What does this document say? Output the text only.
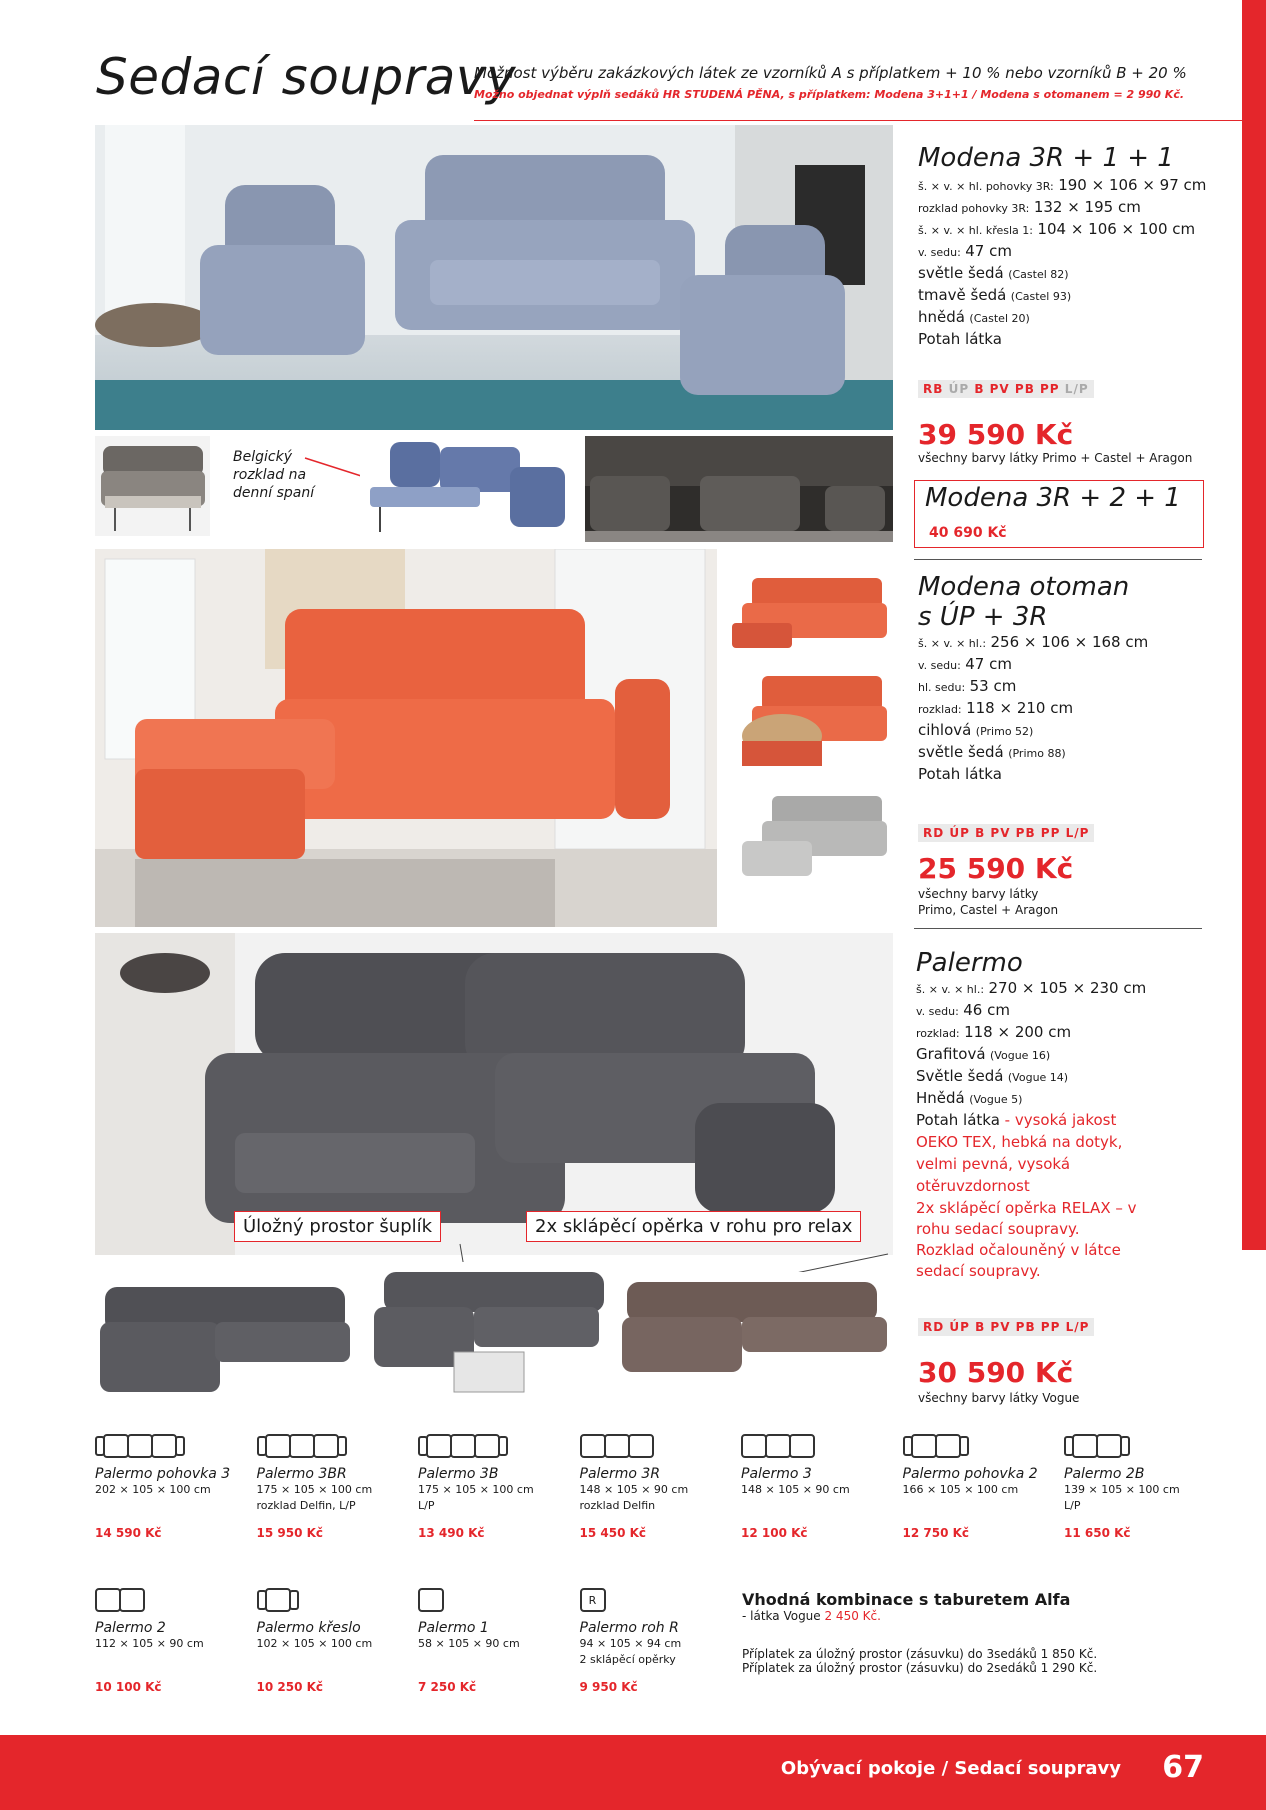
Sedací soupravy
Možnost výběru zakázkových látek ze vzorníků A s příplatkem + 10 % nebo vzorníků B + 20 %
Možno objednat výplň sedáků HR STUDENÁ PĚNA, s příplatkem: Modena 3+1+1 / Modena s otomanem = 2 990 Kč.
Modena 3R + 1 + 1
š. × v. × hl. pohovky 3R: 190 × 106 × 97 cm
rozklad pohovky 3R: 132 × 195 cm
š. × v. × hl. křesla 1: 104 × 106 × 100 cm
v. sedu: 47 cm
světle šedá (Castel 82)
tmavě šedá (Castel 93)
hnědá (Castel 20)
Potah látka
RB ÚP B PV PB PP L/P
39 590 Kč
všechny barvy látky Primo + Castel + Aragon
Modena 3R + 2 + 1
40 690 Kč
Belgický rozklad na denní spaní
Modena otoman
s ÚP + 3R
š. × v. × hl.: 256 × 106 × 168 cm
v. sedu: 47 cm
hl. sedu: 53 cm
rozklad: 118 × 210 cm
cihlová (Primo 52)
světle šedá (Primo 88)
Potah látka
RD ÚP B PV PB PP L/P
25 590 Kč
všechny barvy látky
Primo, Castel + Aragon
Úložný prostor šuplík	2x sklápěcí opěrka v rohu pro relax
Palermo
š. × v. × hl.: 270 × 105 × 230 cm
v. sedu: 46 cm
rozklad: 118 × 200 cm
Grafitová (Vogue 16)
Světle šedá (Vogue 14)
Hnědá (Vogue 5)
Potah látka - vysoká jakost OEKO TEX, hebká na dotyk, velmi pevná, vysoká otěruvzdornost
2x sklápěcí opěrka RELAX – v rohu sedací soupravy.
Rozklad očalouněný v látce sedací soupravy.
RD ÚP B PV PB PP L/P
30 590 Kč
všechny barvy látky Vogue
Palermo pohovka 3
202 × 105 × 100 cm
14 590 Kč
Palermo 3BR
175 × 105 × 100 cm
rozklad Delfin, L/P
15 950 Kč
Palermo 3B
175 × 105 × 100 cm
L/P
13 490 Kč
Palermo 3R
148 × 105 × 90 cm
rozklad Delfin
15 450 Kč
Palermo 3
148 × 105 × 90 cm
12 100 Kč
Palermo pohovka 2
166 × 105 × 100 cm
12 750 Kč
Palermo 2B
139 × 105 × 100 cm
L/P
11 650 Kč
Palermo 2
112 × 105 × 90 cm
10 100 Kč
Palermo křeslo
102 × 105 × 100 cm
10 250 Kč
Palermo 1
58 × 105 × 90 cm
7 250 Kč
R
Palermo roh R
94 × 105 × 94 cm
2 sklápěcí opěrky
9 950 Kč
Vhodná kombinace s taburetem Alfa
- látka Vogue 2 450 Kč.
Příplatek za úložný prostor (zásuvku) do 3sedáků 1 850 Kč.
Příplatek za úložný prostor (zásuvku) do 2sedáků 1 290 Kč.
Obývací pokoje / Sedací soupravy 67
